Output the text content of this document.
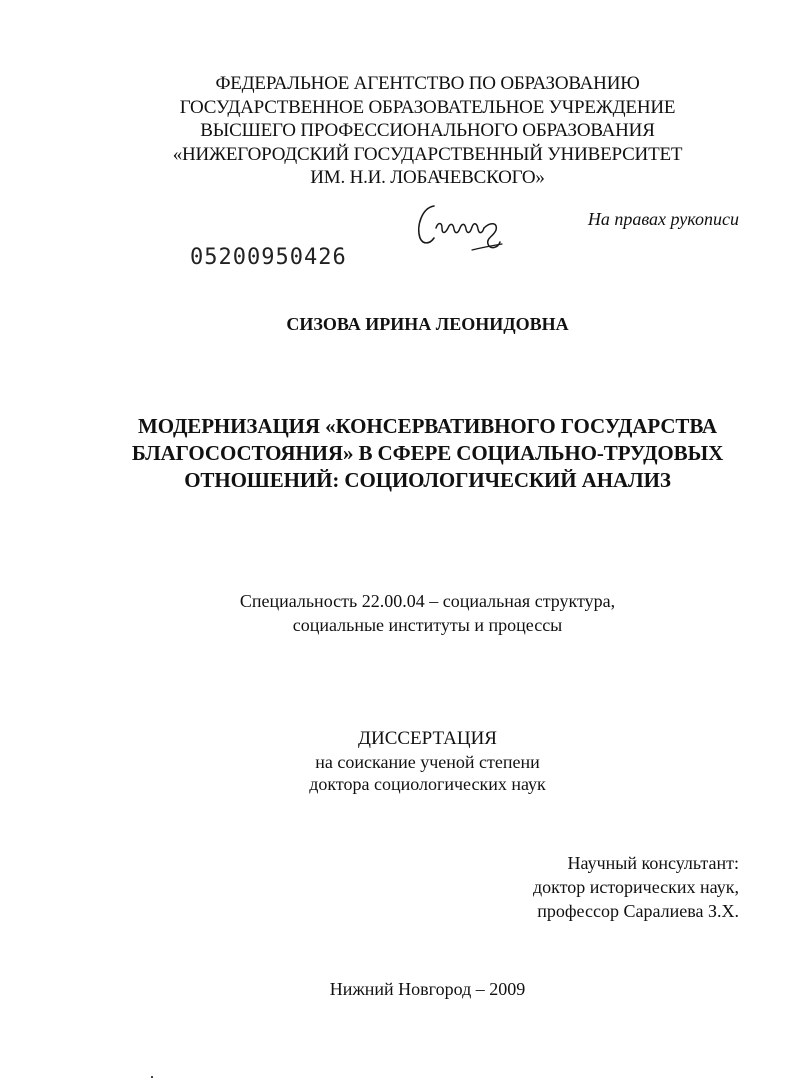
ФЕДЕРАЛЬНОЕ АГЕНТСТВО ПО ОБРАЗОВАНИЮ
ГОСУДАРСТВЕННОЕ ОБРАЗОВАТЕЛЬНОЕ УЧРЕЖДЕНИЕ
ВЫСШЕГО ПРОФЕССИОНАЛЬНОГО ОБРАЗОВАНИЯ
«НИЖЕГОРОДСКИЙ ГОСУДАРСТВЕННЫЙ УНИВЕРСИТЕТ
ИМ. Н.И. ЛОБАЧЕВСКОГО»
На правах рукописи
05200950426
СИЗОВА ИРИНА ЛЕОНИДОВНА
МОДЕРНИЗАЦИЯ «КОНСЕРВАТИВНОГО ГОСУДАРСТВА
БЛАГОСОСТОЯНИЯ» В СФЕРЕ СОЦИАЛЬНО-ТРУДОВЫХ
ОТНОШЕНИЙ: СОЦИОЛОГИЧЕСКИЙ АНАЛИЗ
Специальность 22.00.04 – социальная структура,
социальные институты и процессы
ДИССЕРТАЦИЯ
на соискание ученой степени
доктора социологических наук
Научный консультант:
доктор исторических наук,
профессор Саралиева З.Х.
Нижний Новгород – 2009
